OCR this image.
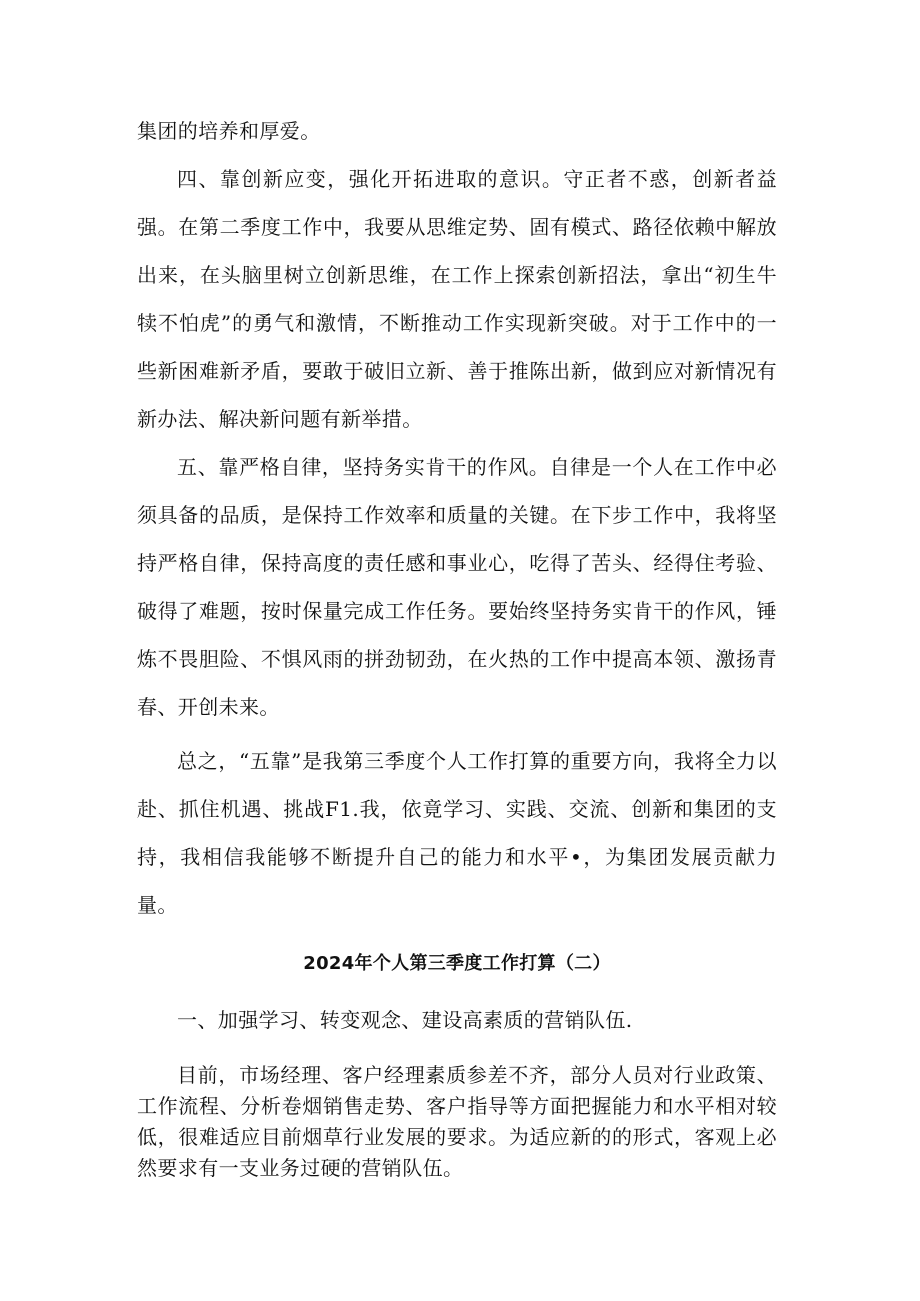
集团的培养和厚爱。

四、靠创新应变，强化开拓进取的意识。守正者不惑，创新者益强。在第二季度工作中，我要从思维定势、固有模式、路径依赖中解放出来，在头脑里树立创新思维，在工作上探索创新招法，拿出“初生牛犊不怕虎”的勇气和激情，不断推动工作实现新突破。对于工作中的一些新困难新矛盾，要敢于破旧立新、善于推陈出新，做到应对新情况有新办法、解决新问题有新举措。

五、靠严格自律，坚持务实肯干的作风。自律是一个人在工作中必须具备的品质，是保持工作效率和质量的关键。在下步工作中，我将坚持严格自律，保持高度的责任感和事业心，吃得了苦头、经得住考验、破得了难题，按时保量完成工作任务。要始终坚持务实肯干的作风，锤炼不畏胆险、不惧风雨的拼劲韧劲，在火热的工作中提高本领、激扬青春、开创未来。

总之，“五靠”是我第三季度个人工作打算的重要方向，我将全力以赴、抓住机遇、挑战F1.我，依竟学习、实践、交流、创新和集团的支持，我相信我能够不断提升自己的能力和水平•，为集团发展贡献力量。

2024年个人第三季度工作打算（二）

一、加强学习、转变观念、建设高素质的营销队伍.

目前，市场经理、客户经理素质参差不齐，部分人员对行业政策、工作流程、分析卷烟销售走势、客户指导等方面把握能力和水平相对较低，很难适应目前烟草行业发展的要求。为适应新的的形式，客观上必然要求有一支业务过硬的营销队伍。
